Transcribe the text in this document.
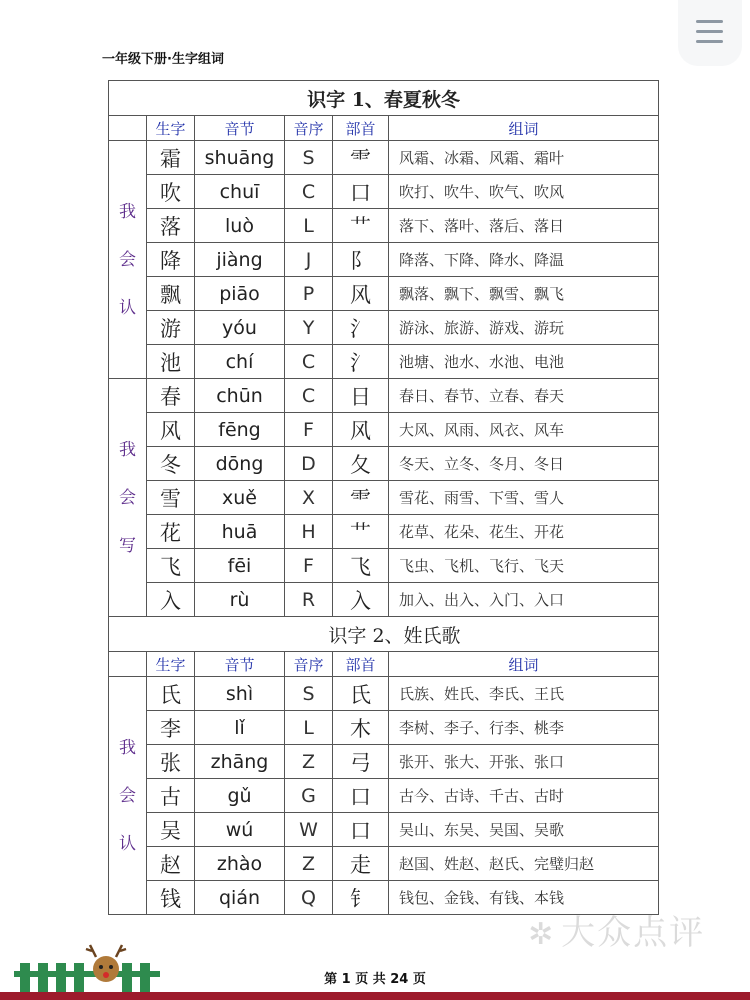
一年级下册·生字组词
识字 1、春夏秋冬					
	生字	音节	音序	部首	组词

我
会
认	霜	shuāng	S	⻗	风霜、冰霜、风霜、霜叶
	吹	chuī	C	口	吹打、吹牛、吹气、吹风
	落	luò	L	艹	落下、落叶、落后、落日
	降	jiàng	J	阝	降落、下降、降水、降温
	飘	piāo	P	风	飘落、飘下、飘雪、飘飞
	游	yóu	Y	氵	游泳、旅游、游戏、游玩
	池	chí	C	氵	池塘、池水、水池、电池

我
会
写	春	chūn	C	日	春日、春节、立春、春天
	风	fēng	F	风	大风、风雨、风衣、风车
	冬	dōng	D	夂	冬天、立冬、冬月、冬日
	雪	xuě	X	⻗	雪花、雨雪、下雪、雪人
	花	huā	H	艹	花草、花朵、花生、开花
	飞	fēi	F	飞	飞虫、飞机、飞行、飞天
	入	rù	R	入	加入、出入、入门、入口
识字 2、姓氏歌					
	生字	音节	音序	部首	组词

我
会
认	氏	shì	S	氏	氏族、姓氏、李氏、王氏
	李	lǐ	L	木	李树、李子、行李、桃李
	张	zhāng	Z	弓	张开、张大、开张、张口
	古	gǔ	G	口	古今、古诗、千古、古时
	吴	wú	W	口	吴山、东吴、吴国、吴歌
	赵	zhào	Z	走	赵国、姓赵、赵氏、完璧归赵
	钱	qián	Q	钅	钱包、金钱、有钱、本钱
✲ 大众点评
第 1 页 共 24 页
